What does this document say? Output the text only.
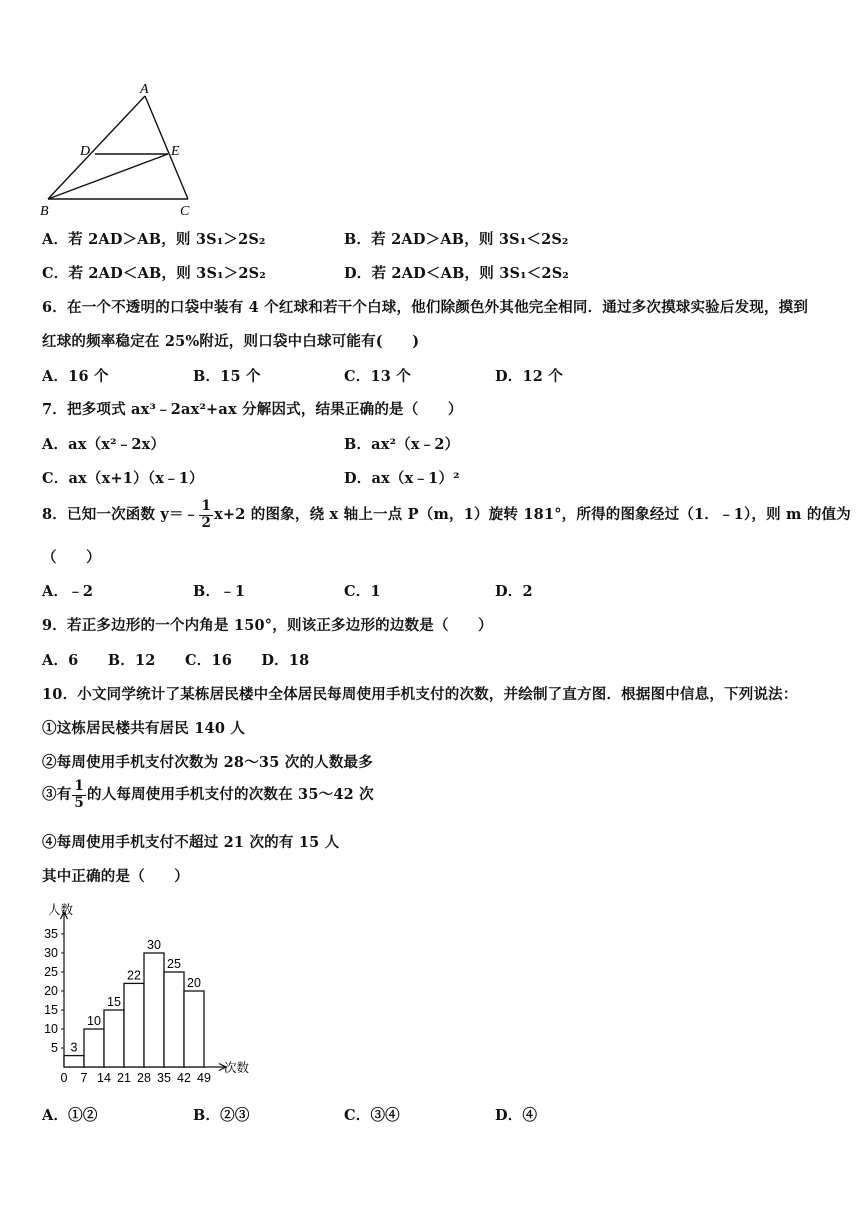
A
D	E
B	C
A．若 2AD＞AB，则 3S₁＞2S₂	B．若 2AD＞AB，则 3S₁＜2S₂
C．若 2AD＜AB，则 3S₁＞2S₂	D．若 2AD＜AB，则 3S₁＜2S₂
6．在一个不透明的口袋中装有 4 个红球和若干个白球，他们除颜色外其他完全相同．通过多次摸球实验后发现，摸到
红球的频率稳定在 25%附近，则口袋中白球可能有(　　)
A．16 个	B．15 个	C．13 个	D．12 个
7．把多项式 ax³﹣2ax²+ax 分解因式，结果正确的是（　　）
A．ax（x²﹣2x）	B．ax²（x﹣2）
C．ax（x+1）（x﹣1）	D．ax（x﹣1）²
8．已知一次函数 y＝﹣ $\frac{1}{2} x+2$ 的图象，绕 x 轴上一点 P（m，1）旋转 181°，所得的图象经过（1．﹣1），则 m 的值为
（　　）
A．﹣2	B．﹣1	C．1	D．2
9．若正多边形的一个内角是 150°，则该正多边形的边数是（　　）
A．6　　B．12　　C．16　　D．18
10．小文同学统计了某栋居民楼中全体居民每周使用手机支付的次数，并绘制了直方图．根据图中信息，下列说法：
①这栋居民楼共有居民 140 人
②每周使用手机支付次数为 28～35 次的人数最多
③有 $\frac{1}{5}$ 的人每周使用手机支付的次数在 35～42 次
④每周使用手机支付不超过 21 次的有 15 人
其中正确的是（　　）
人数
次数
5
10
15
20
25
30
35
0 7 14 21 28 35 42 49
3
10
15
22
30
25
20
A．①②	B．②③	C．③④	D．④
